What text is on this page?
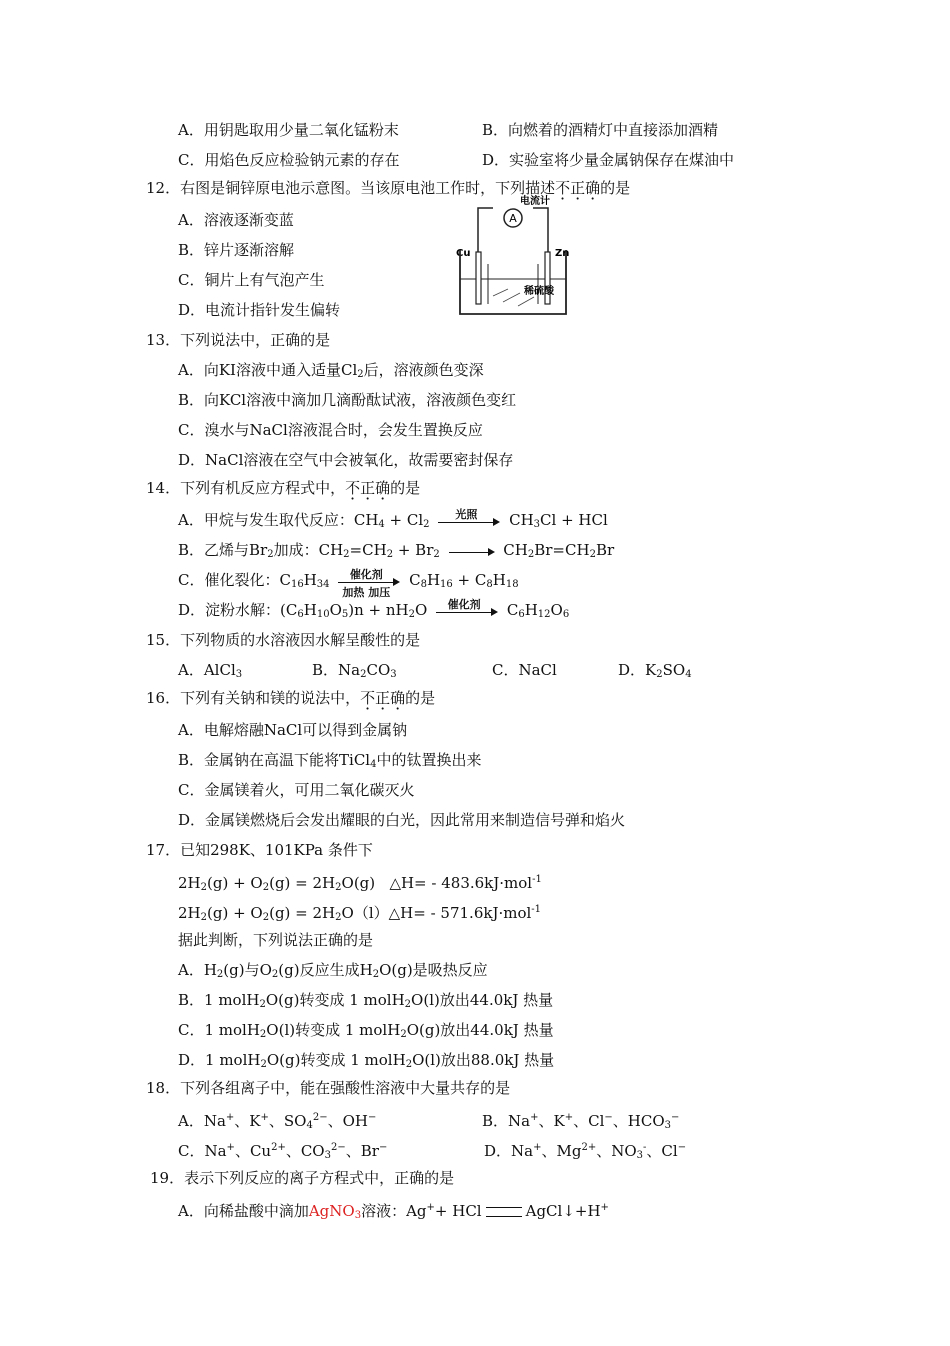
A．用钥匙取用少量二氧化锰粉末	B．向燃着的酒精灯中直接添加酒精
C．用焰色反应检验钠元素的存在	D．实验室将少量金属钠保存在煤油中
12．右图是铜锌原电池示意图。当该原电池工作时，下列描述不正确的是
A．溶液逐渐变蓝
B．锌片逐渐溶解
C．铜片上有气泡产生
D．电流计指针发生偏转
A
电流计
Cu	Zn
稀硫酸
13．下列说法中，正确的是
A．向KI溶液中通入适量$Cl_2$后，溶液颜色变深
B．向KCl溶液中滴加几滴酚酞试液，溶液颜色变红
C．溴水与NaCl溶液混合时，会发生置换反应
D．NaCl溶液在空气中会被氧化，故需要密封保存
14．下列有机反应方程式中，不正确的是
A．甲烷与发生取代反应：$CH_4 + Cl_2$
光照	$CH_3Cl$ + HCl
B．乙烯与$Br_2$加成：$CH_2=CH_2 + Br_2$	$CH_2Br=CH_2Br$
C．催化裂化：$C_{16}H_{34}$
催化剂
加热 加压
$C_8H_{16} + C_8H_{18}$
D．淀粉水解：$(C_6H_{10}O_5)n + nH_2O$	催化剂	$C_6H_{12}O_6$
15．下列物质的水溶液因水解呈酸性的是
A．AlCl$_3$	B．$Na_2CO_3$	C．NaCl	D．$K_2SO_4$
16．下列有关钠和镁的说法中，不正确的是
A．电解熔融NaCl可以得到金属钠
B．金属钠在高温下能将TiCl$_4$中的钛置换出来
C．金属镁着火，可用二氧化碳灭火
D．金属镁燃烧后会发出耀眼的白光，因此常用来制造信号弹和焰火
17．已知298K、101KPa 条件下
$2H_2(g) + O_2(g) = 2H_2O(g)$   △H= - 483.6kJ·mol$^{-1}$
$2H_2(g) + O_2(g)$ = $2H_2O(l)\triangle H= - 571.6kJ\cdot mol^{-1}$
据此判断，下列说法正确的是
A．$H_2(g)$与$O_2(g)$反应生成$H_2O(g)$是吸热反应
B．1 molH$_2$O(g)转变成 1 molH$_2$O(l)放出44.0kJ 热量
C．1 molH$_2$O(l)转变成 1 molH$_2$O(g)放出44.0kJ 热量
D．1 molH$_2$O(g)转变成 1 molH$_2$O(l)放出88.0kJ 热量
18．下列各组离子中，能在强酸性溶液中大量共存的是
A．Na+、K+、$SO_4^{2-}$、OH−	B．Na+、K+、Cl−、$HCO_3^-$
C．Na+、$Cu^{2+}$、$CO_3^{2-}$、Br−	D．Na+、$Mg^{2+}$、$NO_3^-$、Cl−
19．表示下列反应的离子方程式中，正确的是
A．向稀盐酸中滴加AgNO$_3$溶液：Ag++ HCl	AgCl↓+H+
